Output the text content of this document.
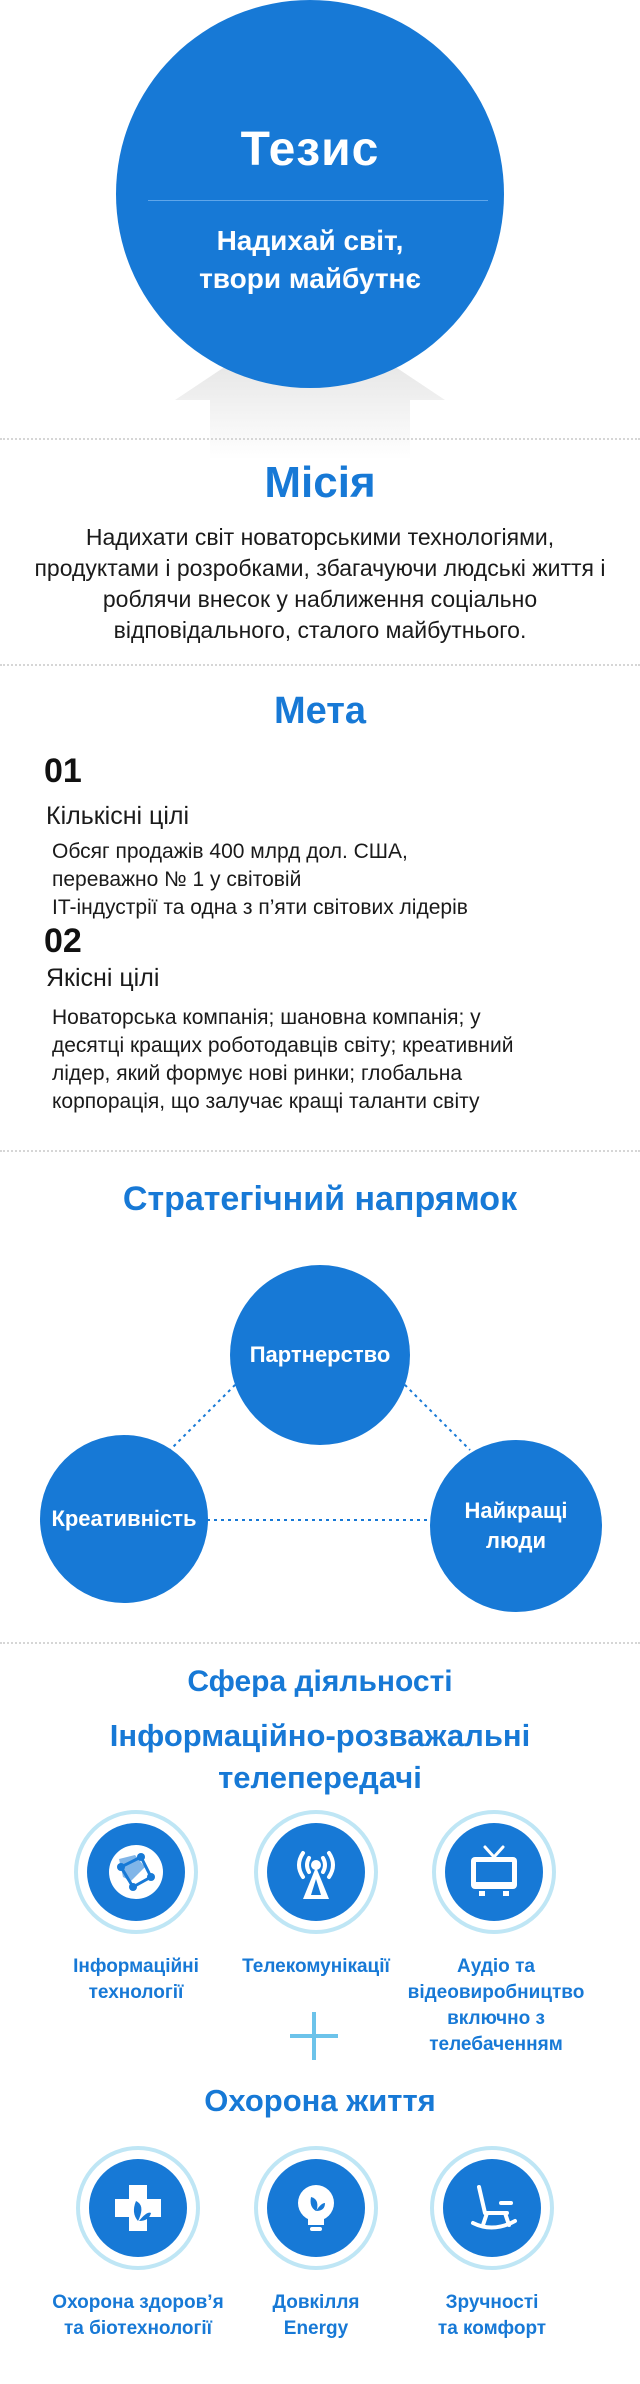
Тезис
Надихай світ,
твори майбутнє
Місія
Надихати світ новаторськими технологіями, продуктами і розробками, збагачуючи людські життя і роблячи внесок у наближення соціально відповідального, сталого майбутнього.
Мета
01
Кількісні цілі
Обсяг продажів 400 млрд дол. США,
переважно № 1 у світовій
IT-індустрії та одна з п’яти світових лідерів
02
Якісні цілі
Новаторська компанія; шановна компанія; у
десятці кращих роботодавців світу; креативний
лідер, який формує нові ринки; глобальна
корпорація, що залучає кращі таланти світу
Стратегічний напрямок
Партнерство
Креативність	Найкращі
люди
Сфера діяльності
Інформаційно-розважальні
телепередачі
Інформаційні
технології
Телекомунікації	Аудіо та
відеовиробництво
включно з
телебаченням
Охорона життя
Охорона здоров’я
та біотехнології
Довкілля
Energy
Зручності
та комфорт
